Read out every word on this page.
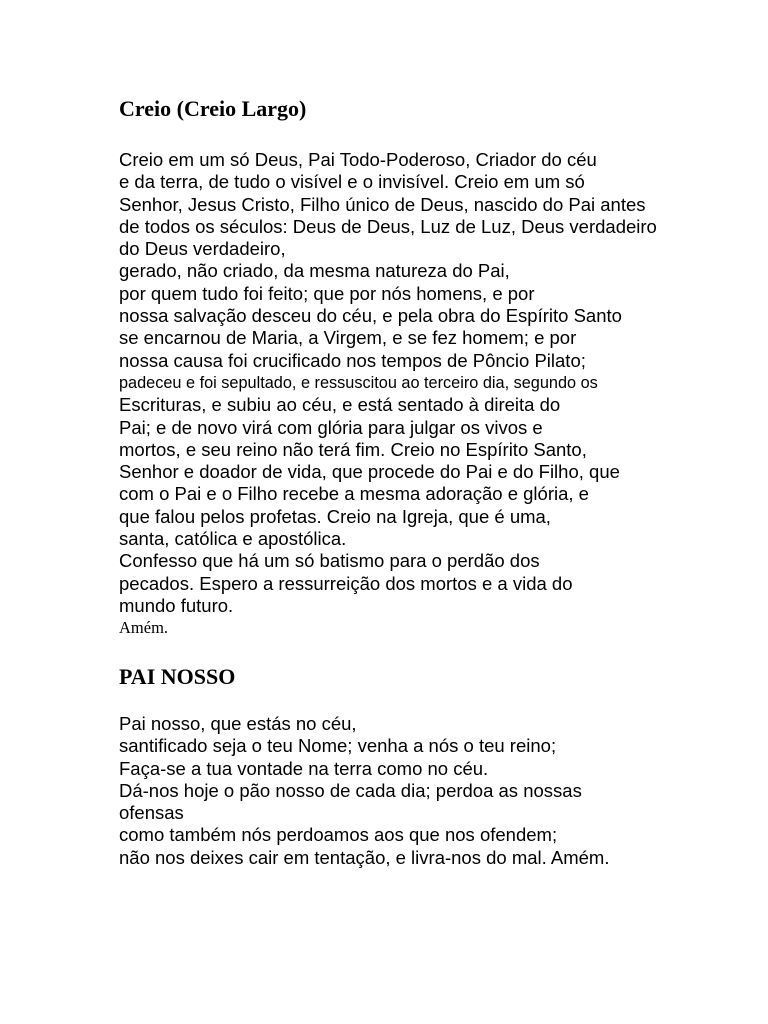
Creio (Creio Largo)
Creio em um só Deus, Pai Todo-Poderoso, Criador do céu
e da terra, de tudo o visível e o invisível. Creio em um só
Senhor, Jesus Cristo, Filho único de Deus, nascido do Pai antes
de todos os séculos: Deus de Deus, Luz de Luz, Deus verdadeiro
do Deus verdadeiro,
gerado, não criado, da mesma natureza do Pai,
por quem tudo foi feito; que por nós homens, e por
nossa salvação desceu do céu, e pela obra do Espírito Santo
se encarnou de Maria, a Virgem, e se fez homem; e por
nossa causa foi crucificado nos tempos de Pôncio Pilato;
padeceu e foi sepultado, e ressuscitou ao terceiro dia, segundo os
Escrituras, e subiu ao céu, e está sentado à direita do
Pai; e de novo virá com glória para julgar os vivos e
mortos, e seu reino não terá fim. Creio no Espírito Santo,
Senhor e doador de vida, que procede do Pai e do Filho, que
com o Pai e o Filho recebe a mesma adoração e glória, e
que falou pelos profetas. Creio na Igreja, que é uma,
santa, católica e apostólica.
Confesso que há um só batismo para o perdão dos
pecados. Espero a ressurreição dos mortos e a vida do
mundo futuro.
Amém.
PAI NOSSO
Pai nosso, que estás no céu,
santificado seja o teu Nome; venha a nós o teu reino;
Faça-se a tua vontade na terra como no céu.
Dá-nos hoje o pão nosso de cada dia; perdoa as nossas
ofensas
como também nós perdoamos aos que nos ofendem;
não nos deixes cair em tentação, e livra-nos do mal. Amém.
